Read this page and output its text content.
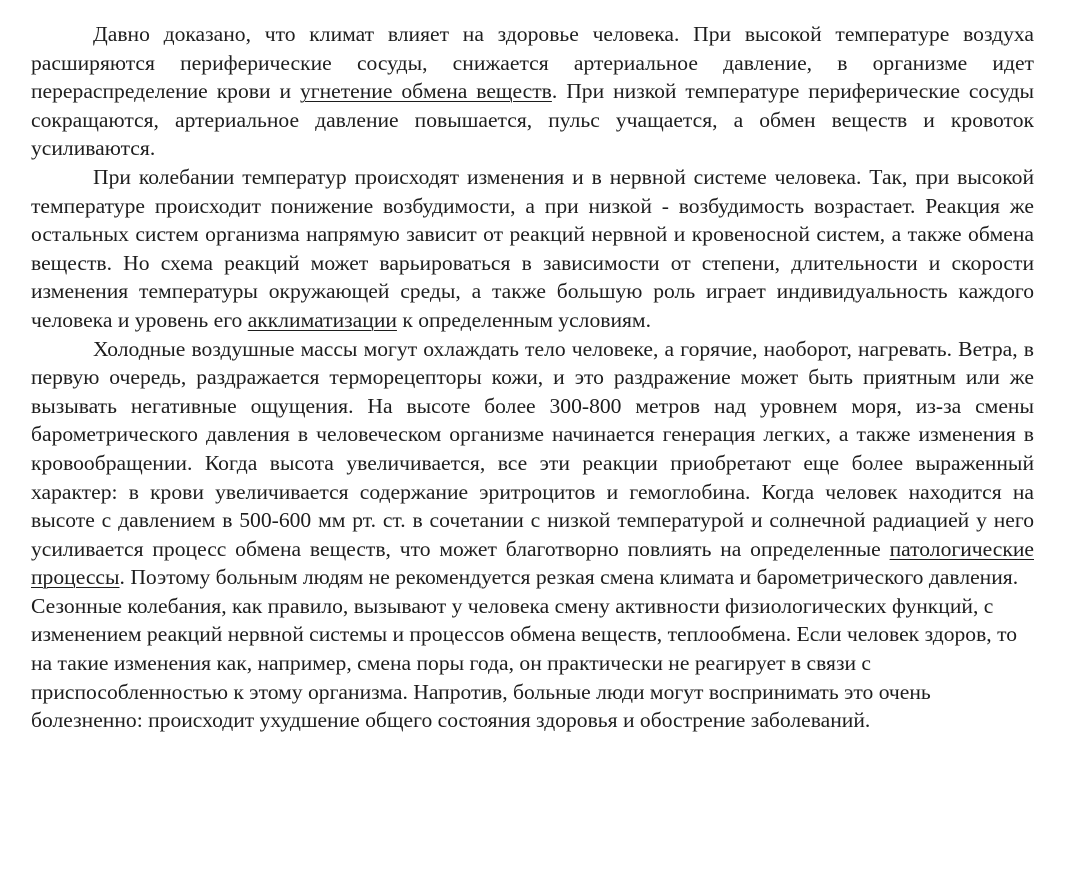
Давно доказано, что климат влияет на здоровье человека. При высокой температуре воздуха расширяются периферические сосуды, снижается артериальное давление, в организме идет перераспределение крови и угнетение обмена веществ. При низкой температуре периферические сосуды сокращаются, артериальное давление повышается, пульс учащается, а обмен веществ и кровоток усиливаются.

При колебании температур происходят изменения и в нервной системе человека. Так, при высокой температуре происходит понижение возбудимости, а при низкой - возбудимость возрастает. Реакция же остальных систем организма напрямую зависит от реакций нервной и кровеносной систем, а также обмена веществ. Но схема реакций может варьироваться в зависимости от степени, длительности и скорости изменения температуры окружающей среды, а также большую роль играет индивидуальность каждого человека и уровень его акклиматизации к определенным условиям.

Холодные воздушные массы могут охлаждать тело человеке, а горячие, наоборот, нагревать. Ветра, в первую очередь, раздражается терморецепторы кожи, и это раздражение может быть приятным или же вызывать негативные ощущения. На высоте более 300-800 метров над уровнем моря, из-за смены барометрического давления в человеческом организме начинается генерация легких, а также изменения в кровообращении. Когда высота увеличивается, все эти реакции приобретают еще более выраженный характер: в крови увеличивается содержание эритроцитов и гемоглобина. Когда человек находится на высоте с давлением в 500-600 мм рт. ст. в сочетании с низкой температурой и солнечной радиацией у него усиливается процесс обмена веществ, что может благотворно повлиять на определенные патологические процессы. Поэтому больным людям не рекомендуется резкая смена климата и барометрического давления.

Сезонные колебания, как правило, вызывают у человека смену активности физиологических функций, с изменением реакций нервной системы и процессов обмена веществ, теплообмена. Если человек здоров, то на такие изменения как, например, смена поры года, он практически не реагирует в связи с приспособленностью к этому организма. Напротив, больные люди могут воспринимать это очень болезненно: происходит ухудшение общего состояния здоровья и обострение заболеваний.
